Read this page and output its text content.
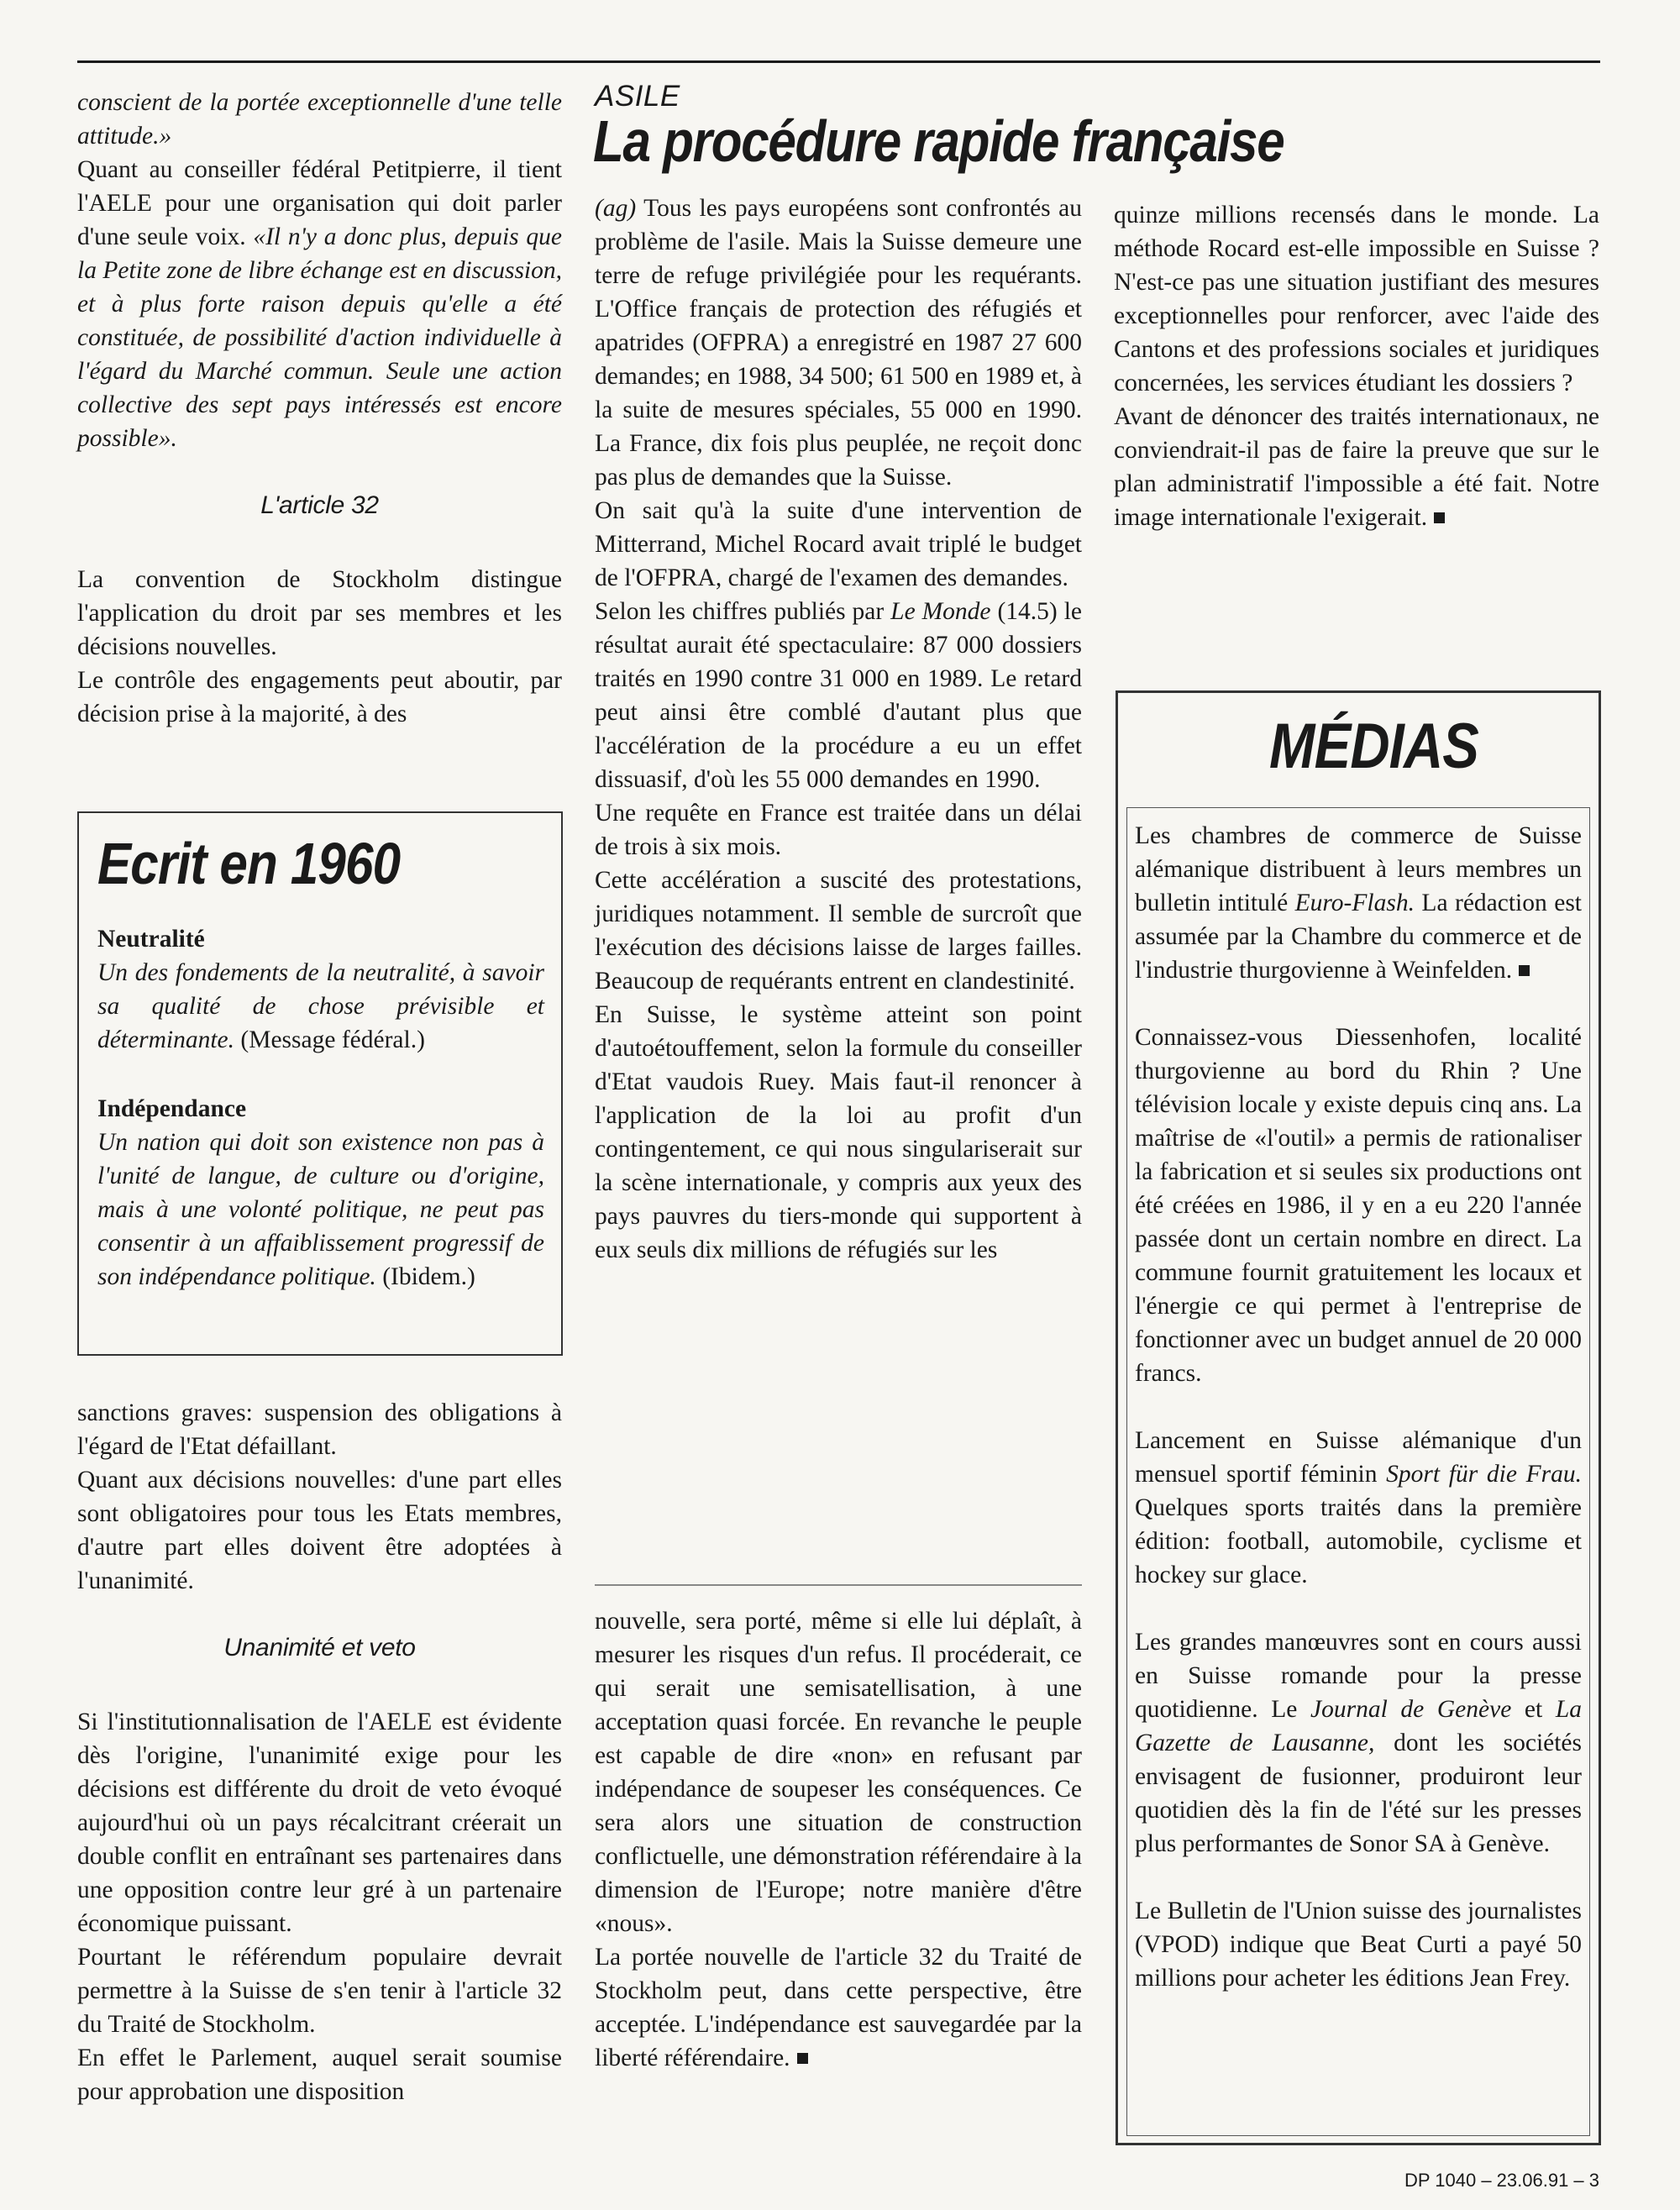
conscient de la portée exceptionnelle d'une telle attitude.»

Quant au conseiller fédéral Petitpierre, il tient l'AELE pour une organisation qui doit parler d'une seule voix. «Il n'y a donc plus, depuis que la Petite zone de libre échange est en discussion, et à plus forte raison depuis qu'elle a été constituée, de possibilité d'action individuelle à l'égard du Marché commun. Seule une action collective des sept pays intéressés est encore possible».

L'article 32

La convention de Stockholm distingue l'application du droit par ses membres et les décisions nouvelles.

Le contrôle des engagements peut aboutir, par décision prise à la majorité, à des

Ecrit en 1960

Neutralité

Un des fondements de la neutralité, à savoir sa qualité de chose prévisible et déterminante. (Message fédéral.)

Indépendance

Un nation qui doit son existence non pas à l'unité de langue, de culture ou d'origine, mais à une volonté politique, ne peut pas consentir à un affaiblissement progressif de son indépendance politique. (Ibidem.)

sanctions graves: suspension des obligations à l'égard de l'Etat défaillant.

Quant aux décisions nouvelles: d'une part elles sont obligatoires pour tous les Etats membres, d'autre part elles doivent être adoptées à l'unanimité.

Unanimité et veto

Si l'institutionnalisation de l'AELE est évidente dès l'origine, l'unanimité exige pour les décisions est différente du droit de veto évoqué aujourd'hui où un pays récalcitrant créerait un double conflit en entraînant ses partenaires dans une opposition contre leur gré à un partenaire économique puissant.

Pourtant le référendum populaire devrait permettre à la Suisse de s'en tenir à l'article 32 du Traité de Stockholm.

En effet le Parlement, auquel serait soumise pour approbation une disposition

ASILE
La procédure rapide française

(ag) Tous les pays européens sont confrontés au problème de l'asile. Mais la Suisse demeure une terre de refuge privilégiée pour les requérants. L'Office français de protection des réfugiés et apatrides (OFPRA) a enregistré en 1987 27 600 demandes; en 1988, 34 500; 61 500 en 1989 et, à la suite de mesures spéciales, 55 000 en 1990. La France, dix fois plus peuplée, ne reçoit donc pas plus de demandes que la Suisse.

On sait qu'à la suite d'une intervention de Mitterrand, Michel Rocard avait triplé le budget de l'OFPRA, chargé de l'examen des demandes.

Selon les chiffres publiés par Le Monde (14.5) le résultat aurait été spectaculaire: 87 000 dossiers traités en 1990 contre 31 000 en 1989. Le retard peut ainsi être comblé d'autant plus que l'accélération de la procédure a eu un effet dissuasif, d'où les 55 000 demandes en 1990.

Une requête en France est traitée dans un délai de trois à six mois.

Cette accélération a suscité des protestations, juridiques notamment. Il semble de surcroît que l'exécution des décisions laisse de larges failles. Beaucoup de requérants entrent en clandestinité.

En Suisse, le système atteint son point d'autoétouffement, selon la formule du conseiller d'Etat vaudois Ruey. Mais faut-il renoncer à l'application de la loi au profit d'un contingentement, ce qui nous singulariserait sur la scène internationale, y compris aux yeux des pays pauvres du tiers-monde qui supportent à eux seuls dix millions de réfugiés sur les

nouvelle, sera porté, même si elle lui déplaît, à mesurer les risques d'un refus. Il procéderait, ce qui serait une semisatellisation, à une acceptation quasi forcée. En revanche le peuple est capable de dire «non» en refusant par indépendance de soupeser les conséquences. Ce sera alors une situation de construction conflictuelle, une démonstration référendaire à la dimension de l'Europe; notre manière d'être «nous».

La portée nouvelle de l'article 32 du Traité de Stockholm peut, dans cette perspective, être acceptée. L'indépendance est sauvegardée par la liberté référendaire.

quinze millions recensés dans le monde. La méthode Rocard est-elle impossible en Suisse ? N'est-ce pas une situation justifiant des mesures exceptionnelles pour renforcer, avec l'aide des Cantons et des professions sociales et juridiques concernées, les services étudiant les dossiers ?

Avant de dénoncer des traités internationaux, ne conviendrait-il pas de faire la preuve que sur le plan administratif l'impossible a été fait. Notre image internationale l'exigerait.

MÉDIAS

Les chambres de commerce de Suisse alémanique distribuent à leurs membres un bulletin intitulé Euro-Flash. La rédaction est assumée par la Chambre du commerce et de l'industrie thurgovienne à Weinfelden.

Connaissez-vous Diessenhofen, localité thurgovienne au bord du Rhin ? Une télévision locale y existe depuis cinq ans. La maîtrise de «l'outil» a permis de rationaliser la fabrication et si seules six productions ont été créées en 1986, il y en a eu 220 l'année passée dont un certain nombre en direct. La commune fournit gratuitement les locaux et l'énergie ce qui permet à l'entreprise de fonctionner avec un budget annuel de 20 000 francs.

Lancement en Suisse alémanique d'un mensuel sportif féminin Sport für die Frau. Quelques sports traités dans la première édition: football, automobile, cyclisme et hockey sur glace.

Les grandes manœuvres sont en cours aussi en Suisse romande pour la presse quotidienne. Le Journal de Genève et La Gazette de Lausanne, dont les sociétés envisagent de fusionner, produiront leur quotidien dès la fin de l'été sur les presses plus performantes de Sonor SA à Genève.

Le Bulletin de l'Union suisse des journalistes (VPOD) indique que Beat Curti a payé 50 millions pour acheter les éditions Jean Frey.

DP 1040 – 23.06.91 – 3
